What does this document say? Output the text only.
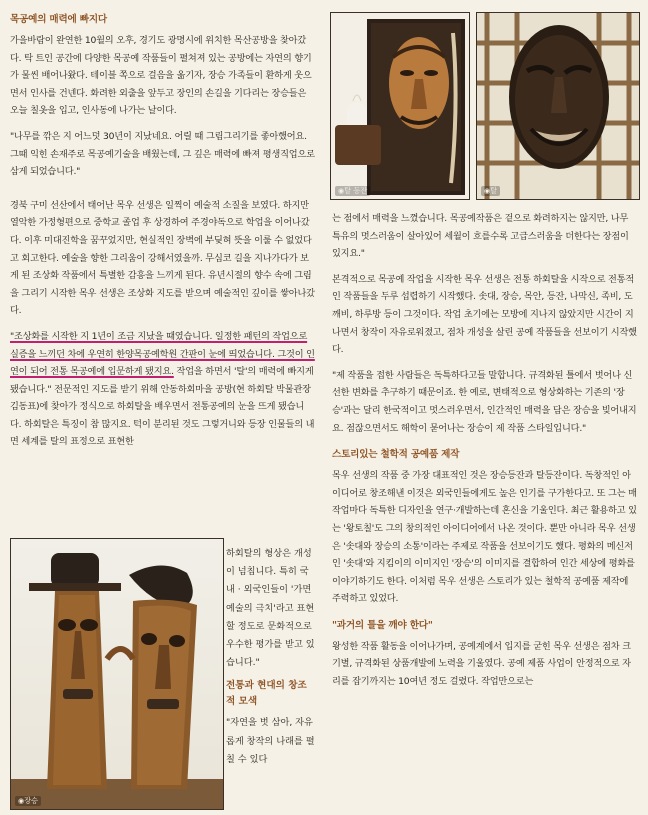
목공예의 매력에 빠지다

가을바람이 완연한 10월의 오후, 경기도 광명시에 위치한 목산공방을 찾아갔다. 탁 트인 공간에 다양한 목공예 작품들이 펼쳐져 있는 공방에는 자연의 향기가 물씬 배어나왔다. 테이블 쪽으로 걸음을 옮기자, 장승 가족들이 환하게 웃으면서 인사를 건넨다. 화려한 외출을 앞두고 장인의 손길을 기다리는 장승들은 오늘 칠옷을 입고, 인사동에 나가는 날이다.

"나무를 깎은 지 어느덧 30년이 지났네요. 어릴 때 그림그리기를 좋아했어요. 그때 익힌 손재주로 목공예기술을 배웠는데, 그 깊은 매력에 빠져 평생직업으로 삼게 되었습니다."

경북 구미 선산에서 태어난 목우 선생은 일찍이 예술적 소질을 보였다. 하지만 열악한 가정형편으로 중학교 졸업 후 상경하여 주경야독으로 학업을 이어나갔다. 이후 미대진학을 꿈꾸었지만, 현실적인 장벽에 부딪혀 뜻을 이룰 수 없었다고 회고한다. 예술을 향한 그리움이 강해서였을까. 무심코 길을 지나가다가 보게 된 조상화 작품에서 특별한 감흥을 느끼게 된다. 유년시절의 향수 속에 그림을 그리기 시작한 목우 선생은 조상화 지도를 받으며 예술적인 깊이를 쌓아나갔다.

"조상화를 시작한 지 1년이 조금 지났을 때였습니다. 일정한 패턴의 작업으로 실증을 느끼던 차에 우연히 한양목공예학원 간판이 눈에 띄었습니다. 그것이 인연이 되어 전통 목공예에 입문하게 됐지요. 작업을 하면서 '탈'의 매력에 빠지게 됐습니다." 전문적인 지도를 받기 위해 안동하회마을 공방(현 하회탈 박물관장 김동표)에 찾아가 정식으로 하회탈을 배우면서 전통공예의 눈을 뜨게 됐습니다. 하회탈은 특징이 참 많지요. 턱이 분리된 것도 그렇거니와 등장 인물들의 내면 세계를 탈의 표정으로 표현한

◉ 장승

하회탈의 형상은 개성이 넘칩니다. 특히 국내 · 외국인들이 '가면예술의 극치'라고 표현할 정도로 문화적으로 우수한 평가를 받고 있습니다."

전통과 현대의 창조적 모색

"자연을 벗 삼아, 자유롭게 창작의 나래를 펼칠 수 있다

◉ 탈 등잔
◉	탈

는 점에서 매력을 느꼈습니다. 목공예작품은 겉으로 화려하지는 않지만, 나무 특유의 멋스러움이 살아있어 세월이 흐를수록 고급스러움을 더한다는 장점이 있지요."

본격적으로 목공예 작업을 시작한 목우 선생은 전통 하회탈을 시작으로 전통적인 작품들을 두루 섭렵하기 시작했다. 솟대, 장승, 목안, 등잔, 나막신, 족비, 도깨비, 하루방 등이 그것이다. 작업 초기에는 모방에 지나지 않았지만 시간이 지나면서 창작이 자유로워졌고, 점차 개성을 살린 공예 작품들을 선보이기 시작했다.

"제 작품을 접한 사람들은 독특하다고들 말합니다. 규격화된 틀에서 벗어나 신선한 변화를 추구하기 때문이죠. 한 예로, 변태적으로 형상화하는 기존의 '장승'과는 달리 한국적이고 멋스러우면서, 인간적인 매력을 담은 장승을 빚어내지요. 점잖으면서도 해학이 묻어나는 장승이 제 작품 스타일입니다."

스토리있는 철학적 공예품 제작

목우 선생의 작품 중 가장 대표적인 것은 장승등잔과 탈등잔이다. 독창적인 아이디어로 창조해낸 이것은 외국인들에게도 높은 인기를 구가한다고. 또 그는 매 작업마다 독특한 디자인을 연구·개발하는데 혼신을 기울인다. 최근 활용하고 있는 '왕토칠'도 그의 창의적인 아이디어에서 나온 것이다. 뿐만 아니라 목우 선생은 '솟대와 장승의 소통'이라는 주제로 작품을 선보이기도 했다. 평화의 메신저인 '솟대'와 지킴이의 이미지인 '장승'의 이미지를 결합하여 인간 세상에 평화를 이야기하기도 한다. 이처럼 목우 선생은 스토리가 있는 철학적 공예품 제작에 주력하고 있었다.

"과거의 틀을 깨야 한다"

왕성한 작품 활동을 이어나가며, 공예계에서 입지를 굳힌 목우 선생은 점차 크기별, 규격화된 상품개발에 노력을 기울였다. 공예 제품 사업이 안정적으로 자리를 잡기까지는 10여년 정도 걸렸다. 작업만으로는
